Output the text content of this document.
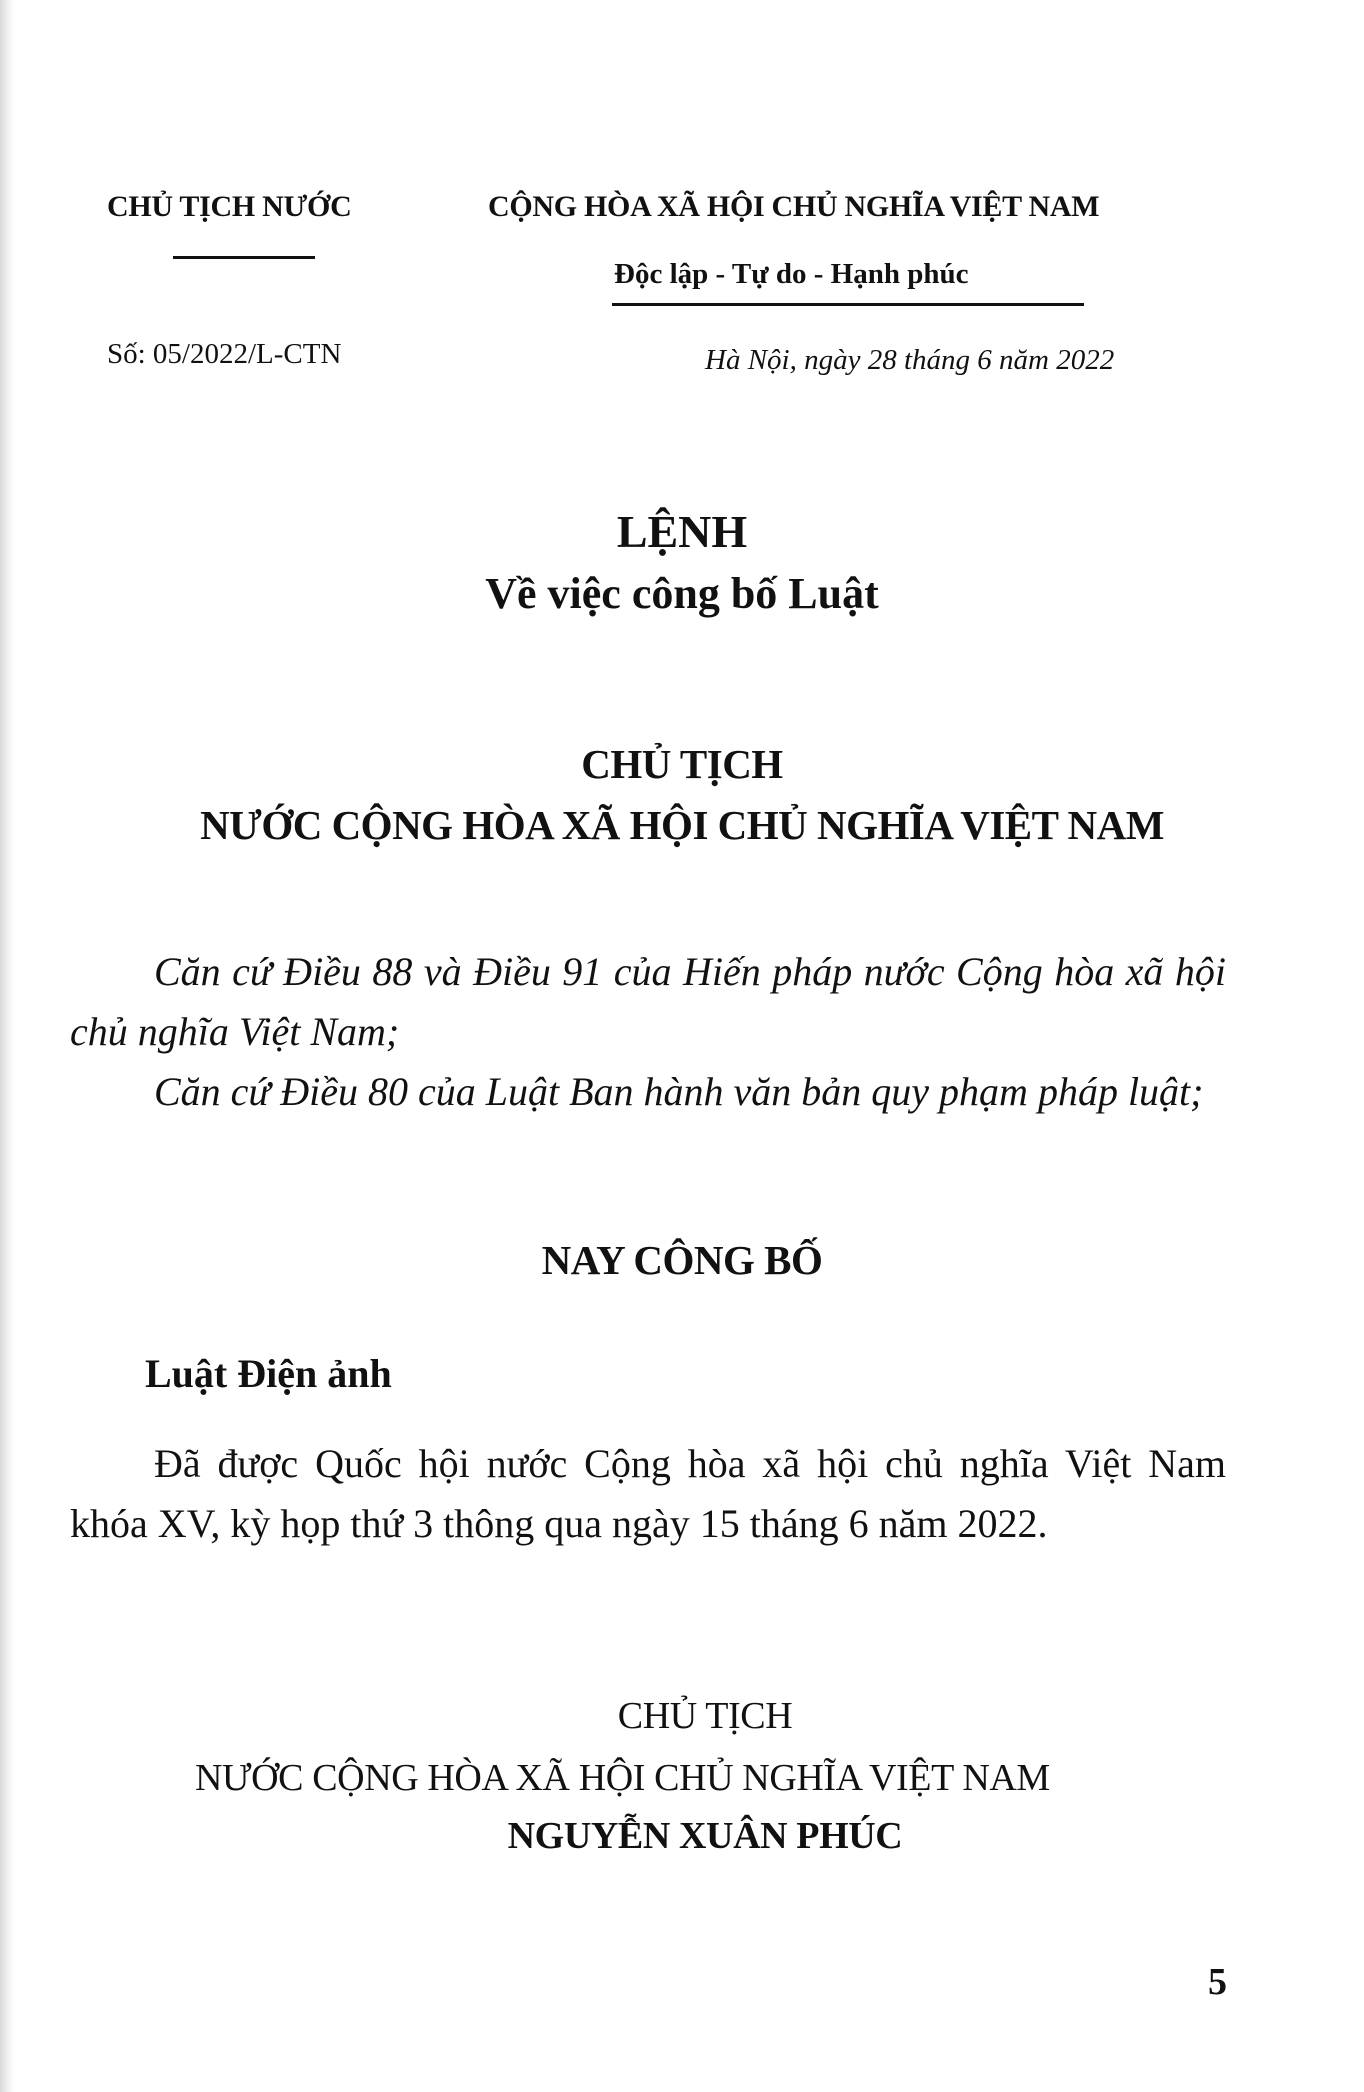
CHỦ TỊCH NƯỚC	CỘNG HÒA XÃ HỘI CHỦ NGHĨA VIỆT NAM
Độc lập - Tự do - Hạnh phúc
Số: 05/2022/L-CTN	Hà Nội, ngày 28 tháng 6 năm 2022
LỆNH
Về việc công bố Luật
CHỦ TỊCH
NƯỚC CỘNG HÒA XÃ HỘI CHỦ NGHĨA VIỆT NAM
Căn cứ Điều 88 và Điều 91 của Hiến pháp nước Cộng hòa xã hội chủ nghĩa Việt Nam;
Căn cứ Điều 80 của Luật Ban hành văn bản quy phạm pháp luật;
NAY CÔNG BỐ
Luật Điện ảnh
Đã được Quốc hội nước Cộng hòa xã hội chủ nghĩa Việt Nam khóa XV, kỳ họp thứ 3 thông qua ngày 15 tháng 6 năm 2022.
CHỦ TỊCH
NƯỚC CỘNG HÒA XÃ HỘI CHỦ NGHĨA VIỆT NAM
NGUYỄN XUÂN PHÚC
5
